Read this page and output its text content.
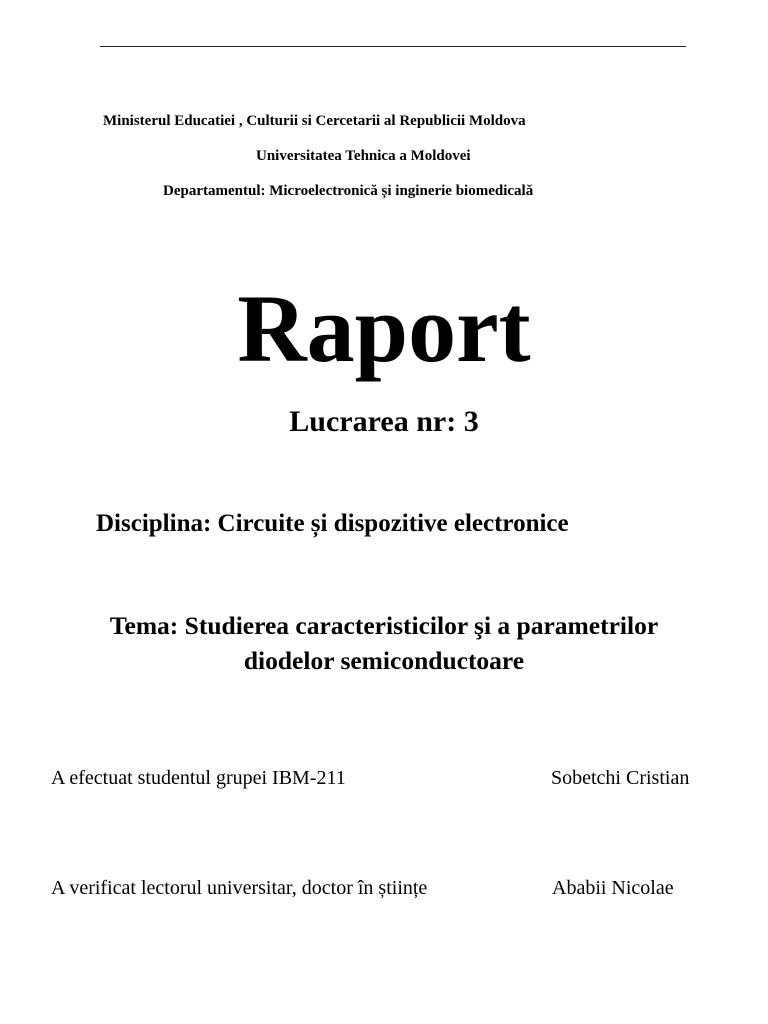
Ministerul Educatiei , Culturii si Cercetarii al Republicii Moldova
Universitatea Tehnica a Moldovei
Departamentul: Microelectronică și inginerie biomedicală
Raport
Lucrarea nr: 3
Disciplina: Circuite și dispozitive electronice
Tema: Studierea caracteristicilor şi a parametrilor
diodelor semiconductoare
A efectuat studentul grupei IBM-211	Sobetchi Cristian
A verificat lectorul universitar, doctor în științe	Ababii Nicolae
